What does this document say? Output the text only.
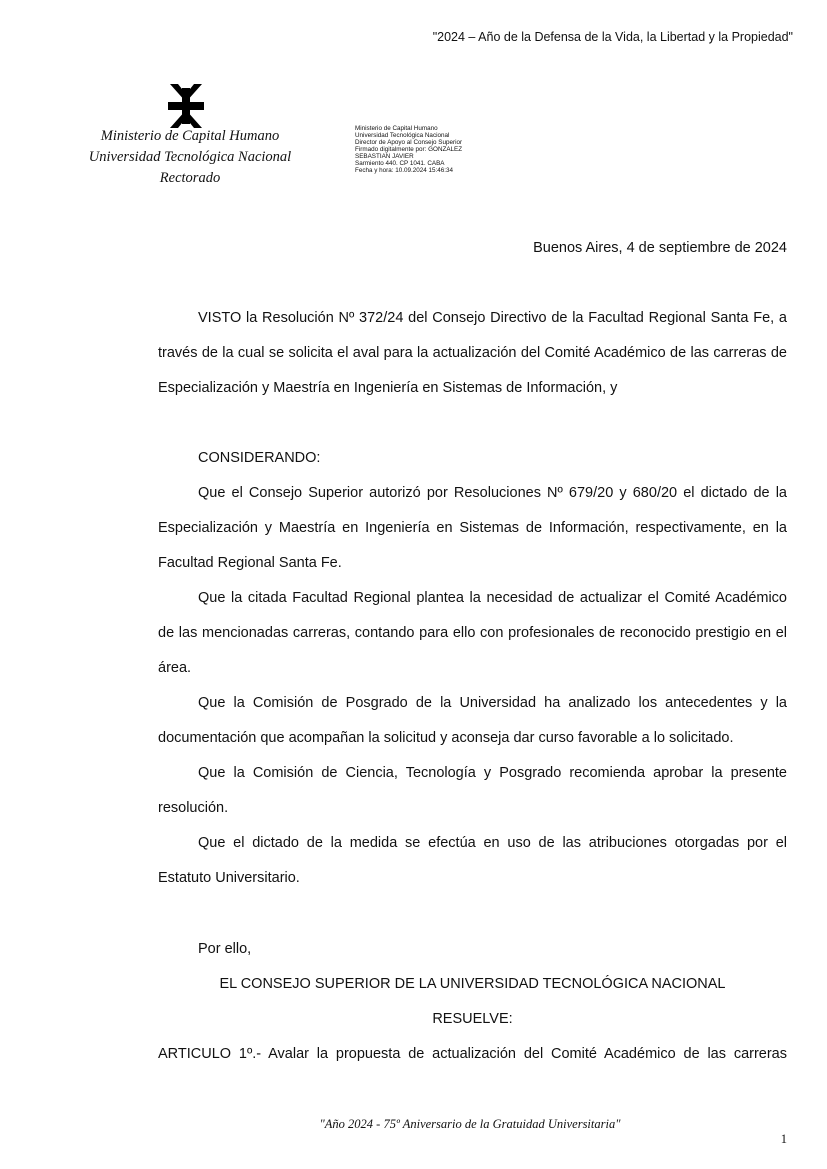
"2024 – Año de la Defensa de la Vida, la Libertad y la Propiedad"
Ministerio de Capital Humano
Universidad Tecnológica Nacional
Rectorado
Ministerio de Capital Humano
Universidad Tecnológica Nacional
Director de Apoyo al Consejo Superior
Firmado digitalmente por: GONZALEZ
SEBASTIAN JAVIER
Sarmiento 440. CP 1041. CABA
Fecha y hora: 10.09.2024 15:46:34
Buenos Aires, 4 de septiembre de 2024
VISTO la Resolución Nº 372/24 del Consejo Directivo de la Facultad Regional Santa Fe, a través de la cual se solicita el aval para la actualización del Comité Académico de las carreras de Especialización y Maestría en Ingeniería en Sistemas de Información, y
CONSIDERANDO:
Que el Consejo Superior autorizó por Resoluciones Nº 679/20 y 680/20 el dictado de la Especialización y Maestría en Ingeniería en Sistemas de Información, respectivamente, en la Facultad Regional Santa Fe.
Que la citada Facultad Regional plantea la necesidad de actualizar el Comité Académico de las mencionadas carreras, contando para ello con profesionales de reconocido prestigio en el área.
Que la Comisión de Posgrado de la Universidad ha analizado los antecedentes y la documentación que acompañan la solicitud y aconseja dar curso favorable a lo solicitado.
Que la Comisión de Ciencia, Tecnología y Posgrado recomienda aprobar la presente resolución.
Que el dictado de la medida se efectúa en uso de las atribuciones otorgadas por el Estatuto Universitario.
Por ello,
EL CONSEJO SUPERIOR DE LA UNIVERSIDAD TECNOLÓGICA NACIONAL
RESUELVE:
ARTICULO 1º.- Avalar la propuesta de actualización del Comité Académico de las carreras
"Año 2024 - 75º Aniversario de la Gratuidad Universitaria"
1
